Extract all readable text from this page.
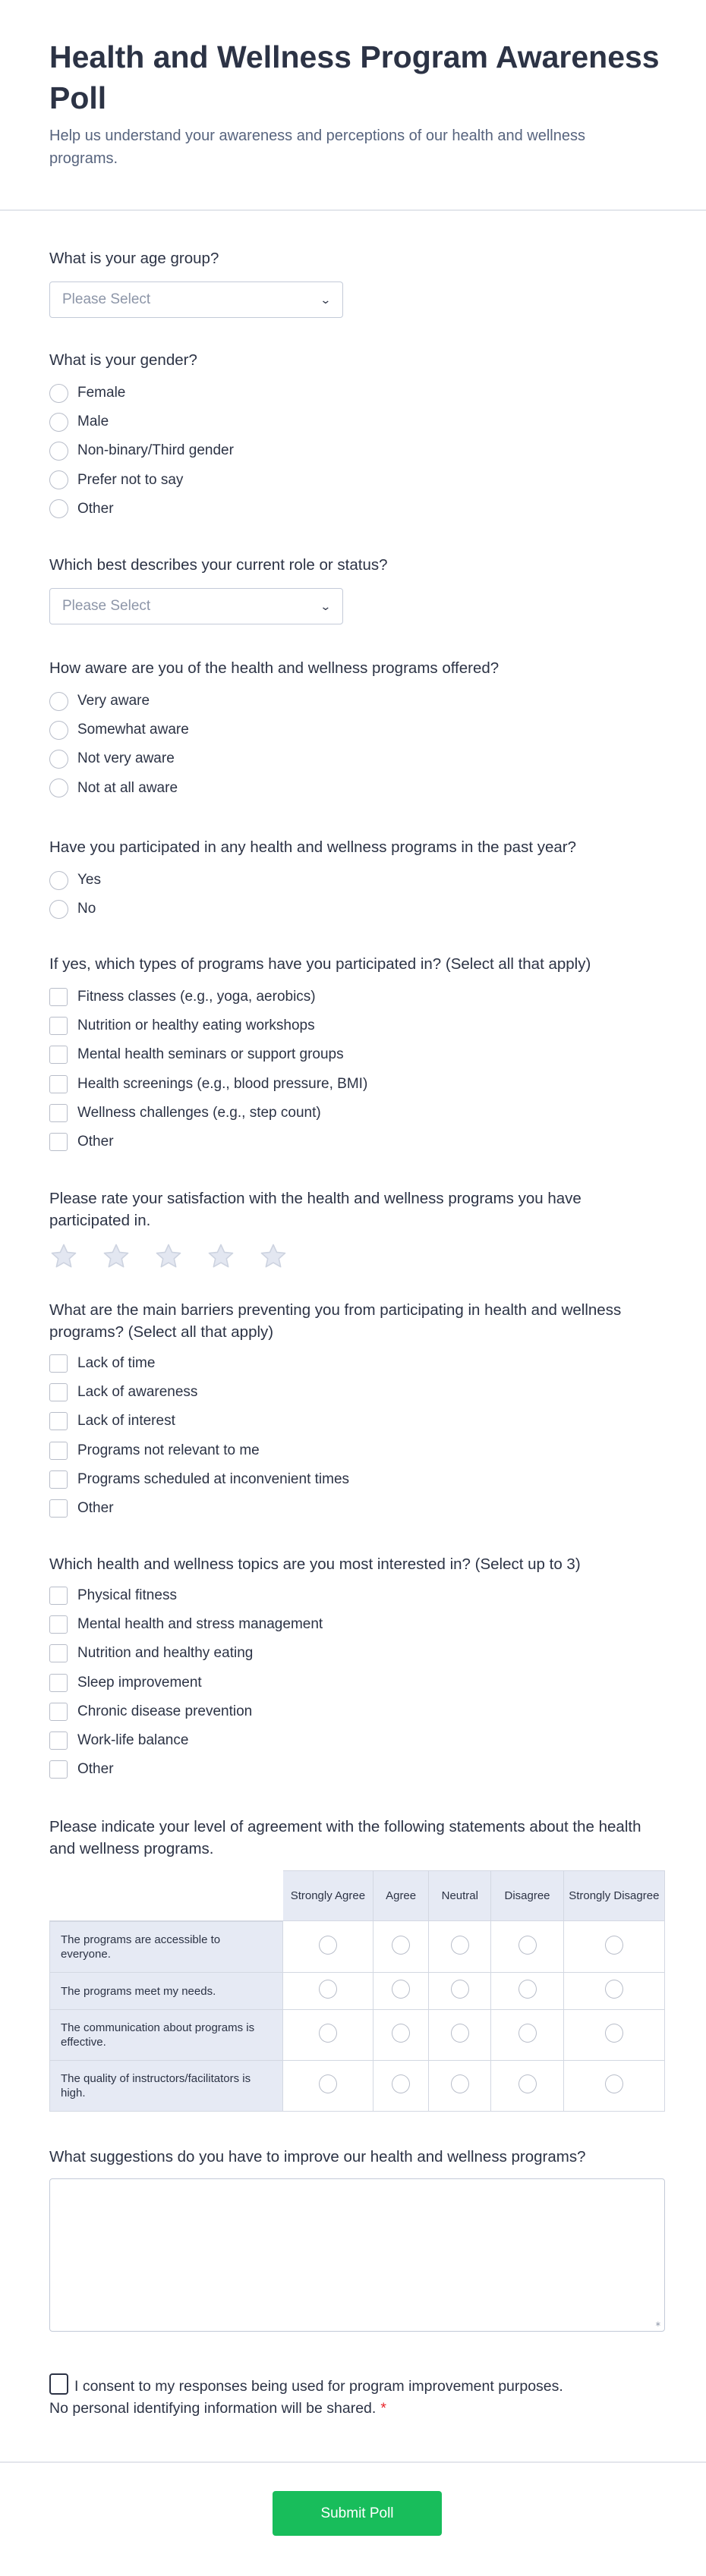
Health and Wellness Program Awareness Poll
Help us understand your awareness and perceptions of our health and wellness programs.
What is your age group?
Please Select	⌄
What is your gender?
Female
Male
Non-binary/Third gender
Prefer not to say
Other
Which best describes your current role or status?
Please Select	⌄
How aware are you of the health and wellness programs offered?
Very aware
Somewhat aware
Not very aware
Not at all aware
Have you participated in any health and wellness programs in the past year?
Yes
No
If yes, which types of programs have you participated in? (Select all that apply)
Fitness classes (e.g., yoga, aerobics)
Nutrition or healthy eating workshops
Mental health seminars or support groups
Health screenings (e.g., blood pressure, BMI)
Wellness challenges (e.g., step count)
Other
Please rate your satisfaction with the health and wellness programs you have participated in.
What are the main barriers preventing you from participating in health and wellness programs? (Select all that apply)
Lack of time
Lack of awareness
Lack of interest
Programs not relevant to me
Programs scheduled at inconvenient times
Other
Which health and wellness topics are you most interested in? (Select up to 3)
Physical fitness
Mental health and stress management
Nutrition and healthy eating
Sleep improvement
Chronic disease prevention
Work-life balance
Other
Please indicate your level of agreement with the following statements about the health and wellness programs.
	Strongly Agree	Agree	Neutral	Disagree	Strongly Disagree
The programs are accessible to everyone.					
The programs meet my needs.					
The communication about programs is effective.					
The quality of instructors/facilitators is high.					
What suggestions do you have to improve our health and wellness programs?
∗
I consent to my responses being used for program improvement purposes. No personal identifying information will be shared. *
Submit Poll
